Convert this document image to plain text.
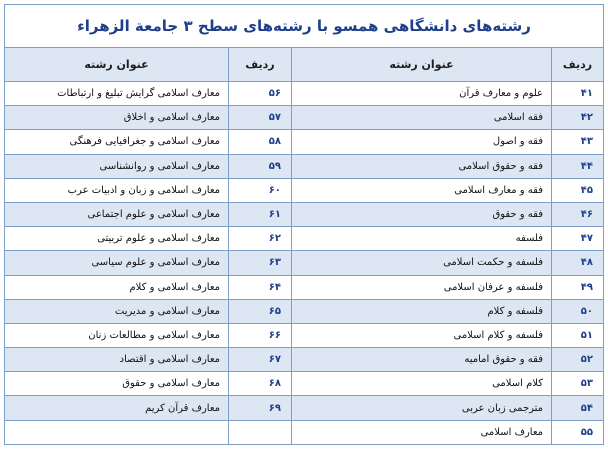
رشته‌های دانشگاهی همسو با رشته‌های سطح ۳ جامعة الزهراء			
ردیف	عنوان رشته	ردیف	عنوان رشته
۴۱	علوم و معارف قرآن	۵۶	معارف اسلامی گرایش تبلیغ و ارتباطات
۴۲	فقه اسلامی	۵۷	معارف اسلامی و اخلاق
۴۳	فقه و اصول	۵۸	معارف اسلامی و جغرافیایی فرهنگی
۴۴	فقه و حقوق اسلامی	۵۹	معارف اسلامی و روانشناسی
۴۵	فقه و معارف اسلامی	۶۰	معارف اسلامی و زبان و ادبیات عرب
۴۶	فقه و حقوق	۶۱	معارف اسلامی و علوم اجتماعی
۴۷	فلسفه	۶۲	معارف اسلامی و علوم تربیتی
۴۸	فلسفه و حکمت اسلامی	۶۳	معارف اسلامی و علوم سیاسی
۴۹	فلسفه و عرفان اسلامی	۶۴	معارف اسلامی و کلام
۵۰	فلسفه و کلام	۶۵	معارف اسلامی و مدیریت
۵۱	فلسفه و کلام اسلامی	۶۶	معارف اسلامی و مطالعات زنان
۵۲	فقه و حقوق امامیه	۶۷	معارف اسلامی و اقتصاد
۵۳	کلام اسلامی	۶۸	معارف اسلامی و حقوق
۵۴	مترجمی زبان عربی	۶۹	معارف قرآن کریم
۵۵	معارف اسلامی		
